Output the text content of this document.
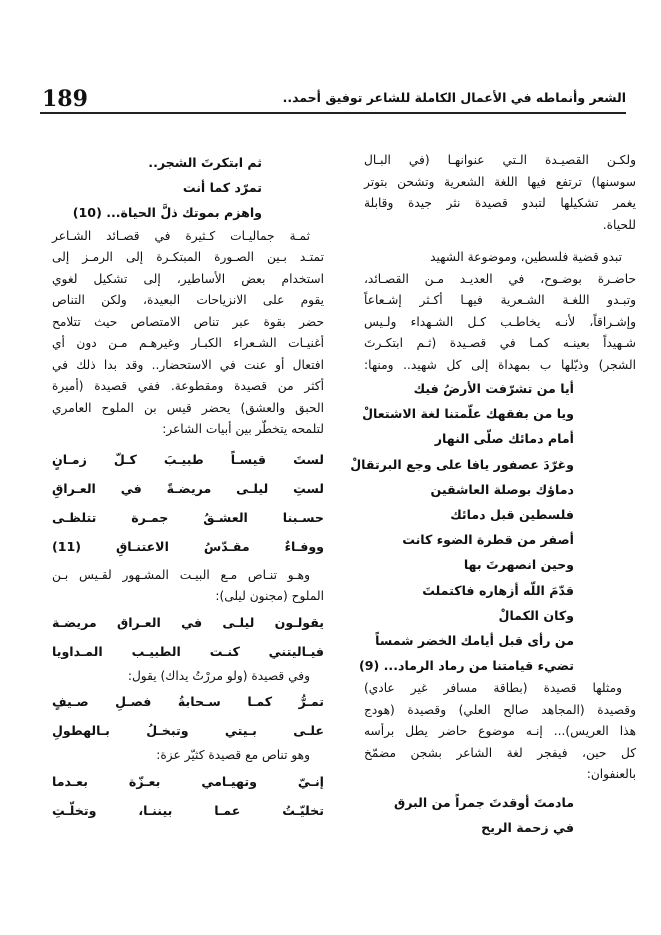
189	الشعر وأنماطه في الأعمال الكاملة للشاعر توفيق أحمد..
ولكـن القصيـدة الـتي عنوانهـا (في البـال
سوسنها) ترتفع فيها اللغة الشعرية وتشحن بتوتر
يغمر تشكيلها لتبدو قصيدة نثر جيدة وقابلة
للحياة.
تبدو قضية فلسطين، وموضوعة الشهيد
حاضـرة بوضـوح، في العديـد مـن القصـائد،
وتبـدو اللغـة الشـعرية فيهـا أكـثر إشـعاعاً
وإشـراقاً، لأنـه يخاطـب كـل الشـهداء ولـيس
شـهيداً بعينـه كمـا في قصـيدة (ثـم ابتكـرتَ
الشجر) وذيّلها ب بمهداة إلى كل شهيد.. ومنها:
أيا من تشرّفت الأرضُ فيك
ويا من بفقهك علّمتنا لغة الاشتعالْ
أمام دمائك صلّى النهار
وغرّدَ عصفور يافا على وجع البرتقالْ
دماؤك بوصلة العاشقين
فلسطين قبل دمائك
أصفر من قطرة الضوء كانت
وحين انصهرتَ بها
قدّمَ اللّه أزهاره فاكتملتَ
وكان الكمالْ
من رأى قبل أيامك الخضر شمساً
تضيء قيامتنا من رماد الرماد... (9)
ومثلها قصيدة (بطاقة مسافر غير عادي)
وقصيدة (المجاهد صالح العلي) وقصيدة (هودج
هذا العريس)... إنـه موضوع حاضر يطل برأسه
كل حين، فيفجر لغة الشاعر بشجن مضمّخ
بالعنفوان:
مادمتَ أوقدتَ جمراً من البرق
في زحمة الريح
ثم ابتكرتَ الشجر..
تمرّد كما أنت
واهزم بموتك ذلَّ الحياة... (10)
ثمـة جماليـات كـثيرة في قصـائد الشـاعر
تمتـد بـين الصـورة المبتكـرة إلى الرمـز إلى
استخدام بعض الأساطير، إلى تشكيل لغوي
يقوم على الانزياحات البعيدة، ولكن التناص
حضر بقوة عبر تناص الامتصاص حيث تتلامح
أغنيـات الشـعراء الكبـار وغيرهـم مـن دون أي
افتعال أو عنت في الاستحضار.. وقد بدا ذلك في
أكثر من قصيدة ومقطوعة. ففي قصيدة (أميرة
الحبق والعشق) يحضر قيس بن الملوح العامري
لتلمحه يتخطّر بين أبيات الشاعر:
لستَ قيسـاً طبيـبَ كـلّ زمـانٍ
لستِ ليلـى مريضـةً في العـراقِ
حسـبنا العشـقُ جمـرة تتلظـى
ووفـاءٌ مقـدّسُ الاعتنـاقِ (11)
وهـو تنـاص مـع البيـت المشـهور لقـيس بـن
الملوح (مجنون ليلى):
يقولـون ليلـى في العـراق مريضـة
فيـاليتني كنـت الطبيـب المـداويا
وفي قصيدة (ولو مررْتُ يداك) يقول:
تمـرُّ كمـا سـحابةُ فصـلِ صـيفٍ
علـى بـيتي وتبخـلُ بـالهطولِ
وهو تناص مع قصيدة كثيّر عزة:
إنـيّ وتهيـامي بعـزّة بعـدما
تخليّـتُ عمـا بيننـا، وتخلّـتِ
